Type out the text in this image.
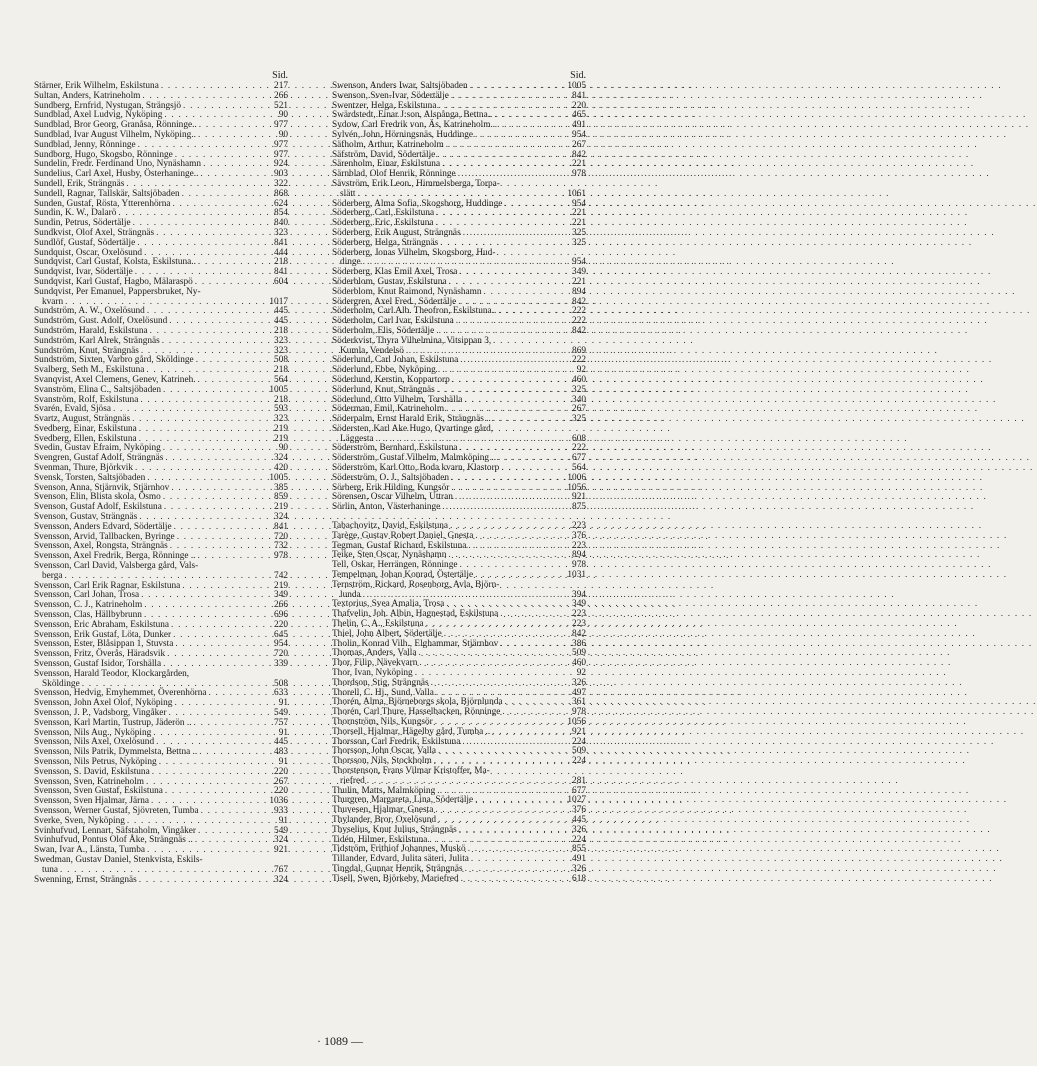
Sid.
Stärner, Erik Wilhelm, Eskilstuna . . .	217
Sultan, Anders, Katrineholm . . .	266
Sundberg, Ernfrid, Nystugan, Strängsjö . . .	521
Sundblad, Axel Ludvig, Nyköping . . .	90
Sundblad, Bror Georg, Granåsa, Rönninge.. . . .	977
Sundblad, Ivar August Vilhelm, Nyköping.. . . .	90
Sundblad, Jenny, Rönninge . . .	977
Sundborg, Hugo, Skogsbo, Rönninge . . .	977
Sundelin, Fredr. Ferdinand Uno, Nynäshamn . . .	924
Sundelius, Carl Axel, Husby, Österhaninge.. . . .	903
Sundell, Erik, Strängnäs . . .	322
Sundell, Ragnar, Tallskär, Saltsjöbaden . . .	868
Sunden, Gustaf, Rösta, Ytterenhörna . . .	624
Sundin, K. W., Dalarö . . .	854
Sundin, Petrus, Södertälje . . .	840
Sundkvist, Olof Axel, Strängnäs . . .	323
Sundlöf, Gustaf, Södertälje . . .	841
Sundquist, Oscar, Oxelösund . . .	444
Sundqvist, Carl Gustaf, Kolsta, Eskilstuna.. . . .	218
Sundqvist, Ivar, Södertälje . . .	841
Sundqvist, Karl Gustaf, Hagbo, Mälaraspö . . .	604
Sundqvist, Per Emanuel, Pappersbruket, Ny-
kvarn . . .	1017
Sundström, A. W., Oxelösund . . .	445
Sundström, Gust. Adolf, Oxelösund . . .	445
Sundström, Harald, Eskilstuna . . .	218
Sundström, Karl Alrek, Strängnäs . . .	323
Sundström, Knut, Strängnäs . . .	323
Sundström, Sixten, Varbro gård, Sköldinge . . .	508
Svalberg, Seth M., Eskilstuna . . .	218
Svanqvist, Axel Clemens, Genev, Katrineh. . . .	564
Svanström, Elina C., Saltsjöbaden . . .	1005
Svanström, Rolf, Eskilstuna . . .	218
Svarén, Evald, Sjösa . . .	593
Svartz, August, Strängnäs . . .	323
Svedberg, Einar, Eskilstuna . . .	219
Svedberg, Ellen, Eskilstuna . . .	219
Svedin, Gustav Efraim, Nyköping . . .	90
Svengren, Gustaf Adolf, Strängnäs . . .	324
Svenman, Thure, Björkvik . . .	420
Svensk, Torsten, Saltsjöbaden . . .	1005
Svenson, Anna, Stjärnvik, Stjärnhov . . .	385
Svenson, Elin, Blista skola, Ösmo . . .	859
Svenson, Gustaf Adolf, Eskilstuna . . .	219
Svenson, Gustav, Strängnäs . . .	324
Svensson, Anders Edvard, Södertälje . . .	841
Svensson, Arvid, Tallbacken, Byringe . . .	720
Svensson, Axel, Rongsta, Strängnäs . . .	732
Svensson, Axel Fredrik, Berga, Rönninge .. . . .	978
Svensson, Carl David, Valsberga gård, Vals-
berga . . .	742
Svensson, Carl Erik Ragnar, Eskilstuna . . .	219
Svensson, Carl Johan, Trosa . . .	349
Svensson, C. J., Katrineholm . . .	266
Svensson, Clas, Hällbybrunn . . .	696
Svensson, Eric Abraham, Eskilstuna . . .	220
Svensson, Erik Gustaf, Löta, Dunker . . .	645
Svensson, Ester, Blåsippan 1, Stuvsta . . .	954
Svensson, Fritz, Överås, Häradsvik . . .	720
Svensson, Gustaf Isidor, Torshälla . . .	339
Svensson, Harald Teodor, Klockargården,
Sköldinge . . .	508
Svensson, Hedvig, Emyhemmet, Överenhörna . . .	633
Svensson, John Axel Olof, Nyköping . . .	91
Svensson, J. P., Vadsborg, Vingåker . . .	549
Svensson, Karl Martin, Tustrup, Jäderön .. . . .	757
Svensson, Nils Aug., Nyköping . . .	91
Svensson, Nils Axel, Oxelösund . . .	445
Svensson, Nils Patrik, Dymmelsta, Bettna .. . . .	483
Svensson, Nils Petrus, Nyköping . . .	91
Svensson, S. David, Eskilstuna . . .	220
Svensson, Sven, Katrineholm . . .	267
Svensson, Sven Gustaf, Eskilstuna . . .	220
Svensson, Sven Hjalmar, Järna . . .	1036
Svensson, Werner Gustaf, Sjövreten, Tumba . . .	933
Sverke, Sven, Nyköping . . .	91
Svinhufvud, Lennart, Säfstaholm, Vingåker . . .	549
Svinhufvud, Pontus Olof Åke, Strängnäs .. . . .	324
Swan, Ivar A., Länsta, Tumba . . .	921
Swedman, Gustav Daniel, Stenkvista, Eskils-
tuna . . .	767
Swenning, Ernst, Strängnäs . . .	324
Sid.
Swenson, Anders Iwar, Saltsjöbaden . . .	1005
Swenson, Sven-Ivar, Södertälje . . .	841
Swentzer, Helga, Eskilstuna . . .	220
Swärdstedt, Einar J:son, Alspånga, Bettna.. . . .	465
Sydow, Carl Fredrik von, Äs, Katrineholm.. . . .	491
Sylvén, John, Hörningsnäs, Huddinge . . .	954
Säfholm, Arthur, Katrineholm . . .	267
Säfström, David, Södertälje . . .	842
Särenholm, Einar, Eskilstuna . . .	221
Särnblad, Olof Henrik, Rönninge . . .	978
Sävström, Erik Leon., Himmelsberga, Torpa-
slätt . . .	1061
Söderberg, Alma Sofia, Skogsborg, Huddinge . . .	954
Söderberg, Carl, Eskilstuna . . .	221
Söderberg, Eric, Eskilstuna . . .	221
Söderberg, Erik August, Strängnäs . . .	325
Söderberg, Helga, Strängnäs . . .	325
Söderberg, Jonas Vilhelm, Skogsborg, Hud-
dinge . . .	954
Söderberg, Klas Emil Axel, Trosa . . .	349
Söderblom, Gustav, Eskilstuna . . .	221
Söderblom, Knut Raimond, Nynäshamn . . .	894
Södergren, Axel Fred., Södertälje . . .	842
Söderholm, Carl Alb. Theofron, Eskilstuna.. . . .	222
Söderholm, Carl Ivar, Eskilstuna . . .	222
Söderholm, Elis, Södertälje . . .	842
Söderkvist, Thyra Vilhelmina, Vitsippan 3,
Kumla, Vendelsö . . .	869
Söderlund, Carl Johan, Eskilstuna . . .	222
Söderlund, Ebbe, Nyköping . . .	92
Söderlund, Kerstin, Koppartorp . . .	460
Söderlund, Knut, Strängnäs . . .	325
Söderlund, Otto Vilhelm, Torshälla . . .	340
Söderman, Emil, Katrineholm . . .	267
Söderpalm, Ernst Harald Erik, Strängnäs .. . . .	325
Södersten, Karl Ake Hugo, Qvartinge gård,
Läggesta . . .	608
Söderström, Bernhard, Eskilstuna . . .	222
Söderström, Gustaf Vilhelm, Malmköping .. . . .	677
Söderström, Karl Otto, Boda kvarn, Klastorp . . .	564
Söderström, O. J., Saltsjöbaden . . .	1006
Sörberg, Erik Hilding, Kungsör . . .	1056
Sörensen, Oscar Vilhelm, Uttran . . .	921
Sörlin, Anton, Västerhaninge . . .	875
Tabachovitz, David, Eskilstuna . . .	223
Tarège, Gustav Robert Daniel, Gnesta . . .	376
Tegman, Gustaf Richard, Eskilstuna . . .	223
Teike, Sten Oscar, Nynäshamn . . .	894
Tell, Oskar, Herrängen, Rönninge . . .	978
Tempelman, Johan Konrad, Östertälje . . .	1031
Ternström, Rickard, Rosenborg, Avla, Björn-
lunda . . .	394
Textorius, Svea Amalia, Trosa . . .	349
Thafvelin, Joh. Albin, Hagnestad, Eskilstuna . . .	223
Thelin, C. A., Eskilstuna . . .	223
Thiel, John Albert, Södertälje . . .	842
Tholin, Konrad Vilh., Elghammar, Stjärnhov . . .	386
Thomas, Anders, Valla . . .	509
Thor, Filip, Nävekvarn . . .	460
Thor, Ivan, Nyköping . . .	92
Thordson, Stig, Strängnäs . . .	326
Thorell, C. Hj., Sund, Valla . . .	497
Thorén, Alma, Björneborgs skola, Björnlunda . . .	361
Thorén, Carl Thure, Hasselbacken, Rönninge . . .	978
Thornström, Nils, Kungsör . . .	1056
Thorsell, Hjalmar, Hägelby gård, Tumba .. . . .	921
Thorsson, Carl Fredrik, Eskilstuna . . .	224
Thorsson, John Oscar, Valla . . .	509
Thorsson, Nils, Stockholm . . .	224
Thorstenson, Frans Vilmar Kristoffer, Ma-
riefred . . .	281
Thulin, Matts, Malmköping . . .	677
Thurgren, Margareta, Lina, Södertälje . . .	1027
Thuvesen, Hjalmar, Gnesta . . .	376
Thylander, Bror, Oxelösund . . .	445
Thyselius, Knut Julius, Strängnäs . . .	326
Tidén, Hilmer, Eskilstuna . . .	224
Tidström, Frithiof Johannes, Muskö . . .	855
Tillander, Edvard, Julita säteri, Julita . . .	491
Tingdal, Gunnar Henrik, Strängnäs . . .	326
Tisell, Swen, Björkeby, Mariefred . . .	618
· 1089 —
